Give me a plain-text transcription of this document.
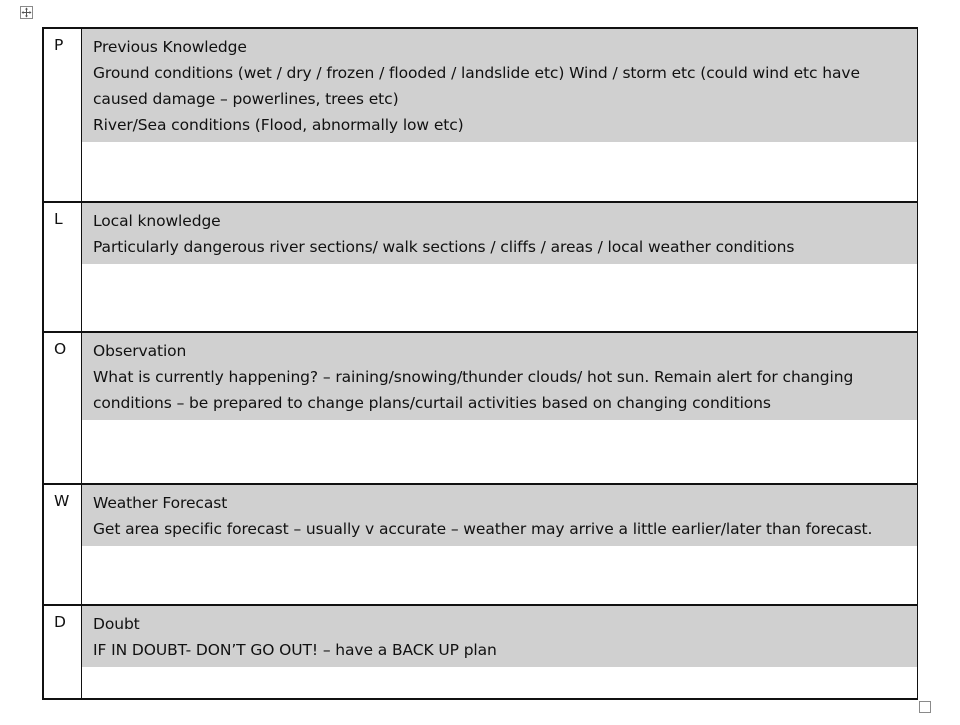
P	Previous Knowledge
Ground conditions (wet / dry / frozen / flooded / landslide etc) Wind / storm etc (could wind etc have caused damage – powerlines, trees etc)
River/Sea conditions (Flood, abnormally low etc)
L	Local knowledge
Particularly dangerous river sections/ walk sections / cliffs / areas / local weather conditions
O	Observation
What is currently happening? – raining/snowing/thunder clouds/ hot sun. Remain alert for changing conditions – be prepared to change plans/curtail activities based on changing conditions
W	Weather Forecast
Get area specific forecast – usually v accurate – weather may arrive a little earlier/later than forecast.
D	Doubt
IF IN DOUBT- DON’T GO OUT! – have a BACK UP plan
